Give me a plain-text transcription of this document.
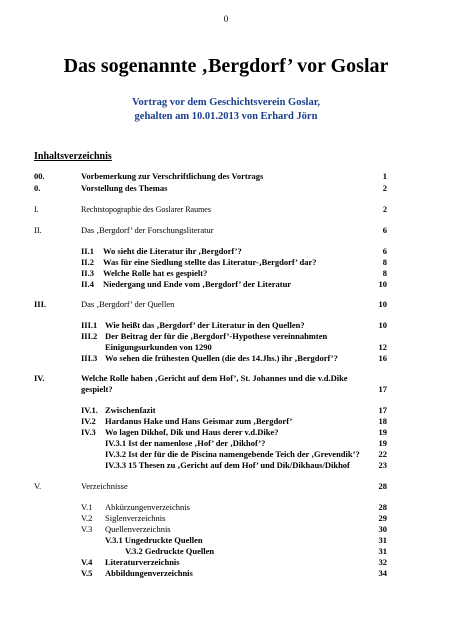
0
Das sogenannte ‚Bergdorf’ vor Goslar
Vortrag vor dem Geschichtsverein Goslar,
gehalten am 10.01.2013 von Erhard Jörn
Inhaltsverzeichnis
00.	Vorbemerkung zur Verschriftlichung des Vortrags	1
0.	Vorstellung des Themas	2
I.	Rechtstopographie des Goslarer Raumes	2
II.	Das ‚Bergdorf’ der Forschungsliteratur	6
II.1 Wo sieht die Literatur ihr ‚Bergdorf’?	6
II.2 Was für eine Siedlung stellte das Literatur-‚Bergdorf’ dar?	8
II.3 Welche Rolle hat es gespielt?	8
II.4 Niedergang und Ende vom ‚Bergdorf’ der Literatur	10
III.	Das ‚Bergdorf’ der Quellen	10
III.1 Wie heißt das ‚Bergdorf’ der Literatur in den Quellen?	10
III.2 Der Beitrag der für die ‚Bergdorf’-Hypothese vereinnahmten
Einigungsurkunden von 1290	12
III.3 Wo sehen die frühesten Quellen (die des 14.Jhs.) ihr ‚Bergdorf’?	16
IV.	Welche Rolle haben ‚Gericht auf dem Hof’, St. Johannes und die v.d.Dike
gespielt?	17
IV.1. Zwischenfazit	17
IV.2 Hardanus Hake und Hans Geismar zum ‚Bergdorf’	18
IV.3 Wo lagen Dikhof, Dik und Haus derer v.d.Dike?	19
IV.3.1 Ist der namenlose ‚Hof’ der ‚Dikhof’?	19
IV.3.2 Ist der für die de Piscina namengebende Teich der ‚Grevendik’? 22
IV.3.3 15 Thesen zu ‚Gericht auf dem Hof’ und Dik/Dikhaus/Dikhof	23
V.	Verzeichnisse	28
V.1 Abkürzungenverzeichnis	28
V.2 Siglenverzeichnis	29
V.3 Quellenverzeichnis	30
V.3.1 Ungedruckte Quellen	31
V.3.2 Gedruckte Quellen	31
V.4 Literaturverzeichnis	32
V.5 Abbildungenverzeichnis	34
